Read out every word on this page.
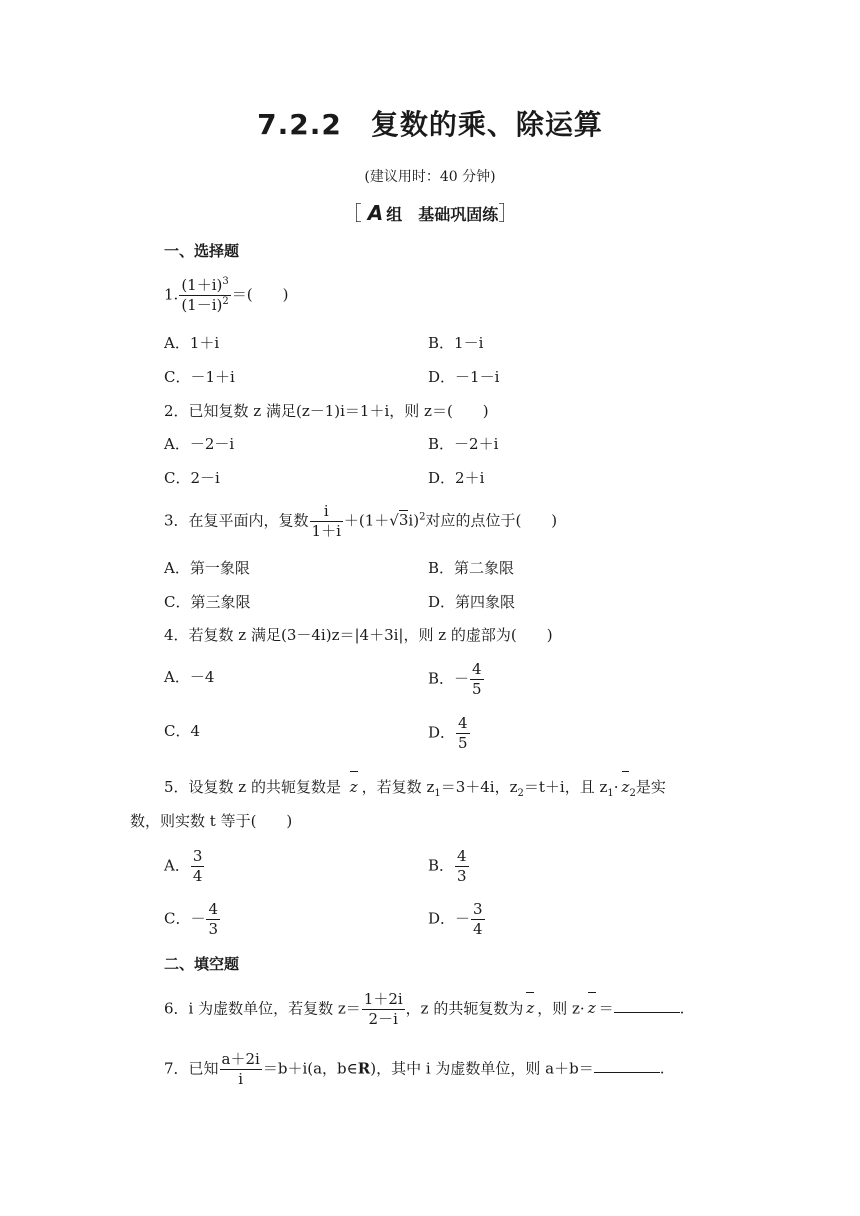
7.2.2　复数的乘、除运算
(建议用时：40 分钟)
［ A 组　基础巩固练］
一、选择题
1. $\frac{(1+i)^3}{(1-i)^2}$ ＝(　　)
A．1＋i	B．1－i
C．－1＋i	D．－1－i
2．已知复数 z 满足(z－1)i＝1＋i，则 z＝(　　)
A．－2－i	B．－2＋i
C．2－i	D．2＋i
3．在复平面内，复数 $\frac{i}{1+i} +(1+√3i)^2$对应的点位于(　　)
A．第一象限	B．第二象限
C．第三象限	D．第四象限
4．若复数 z 满足(3－4i)z＝|4＋3i|，则 z 的虚部为(　　)
A．－4	B．－ $\frac{4}{5}$
C．4	D． $\frac{4}{5}$
5．设复数 z 的共轭复数是 z ，若复数 $z_1=3+4i$，$z_2=t+i$，且 $z_1\cdot z_2$是实
数，则实数 t 等于(　　)
A． $\frac{3}{4}$	B． $\frac{4}{3}$
C．－ $\frac{4}{3}$	D．－ $\frac{3}{4}$
二、填空题
6．i 为虚数单位，若复数 $z= \frac{1+2i}{2-i}$ ，z 的共轭复数为 z ，则 z· z ＝	.
7．已知 $\frac{a+2i}{i} =b+i(a$，b∈R)，其中 i 为虚数单位，则 a＋b＝	.
